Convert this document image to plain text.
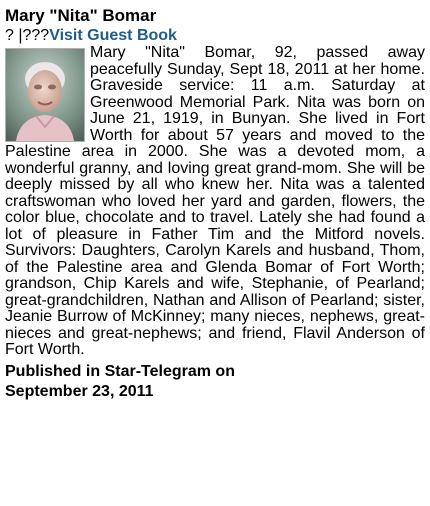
Mary "Nita" Bomar
? |???Visit Guest Book

Mary "Nita" Bomar, 92, passed away peacefully Sunday, Sept 18, 2011 at her home. Graveside service: 11 a.m. Saturday at Greenwood Memorial Park. Nita was born on June 21, 1919, in Bunyan. She lived in Fort Worth for about 57 years and moved to the Palestine area in 2000. She was a devoted mom, a wonderful granny, and loving great grand-mom. She will be deeply missed by all who knew her. Nita was a talented craftswoman who loved her yard and garden, flowers, the color blue, chocolate and to travel. Lately she had found a lot of pleasure in Father Tim and the Mitford novels. Survivors: Daughters, Carolyn Karels and husband, Thom, of the Palestine area and Glenda Bomar of Fort Worth; grandson, Chip Karels and wife, Stephanie, of Pearland; great-grandchildren, Nathan and Allison of Pearland; sister, Jeanie Burrow of McKinney; many nieces, nephews, great-nieces and great-nephews; and friend, Flavil Anderson of Fort Worth.

Published in Star-Telegram on September 23, 2011
